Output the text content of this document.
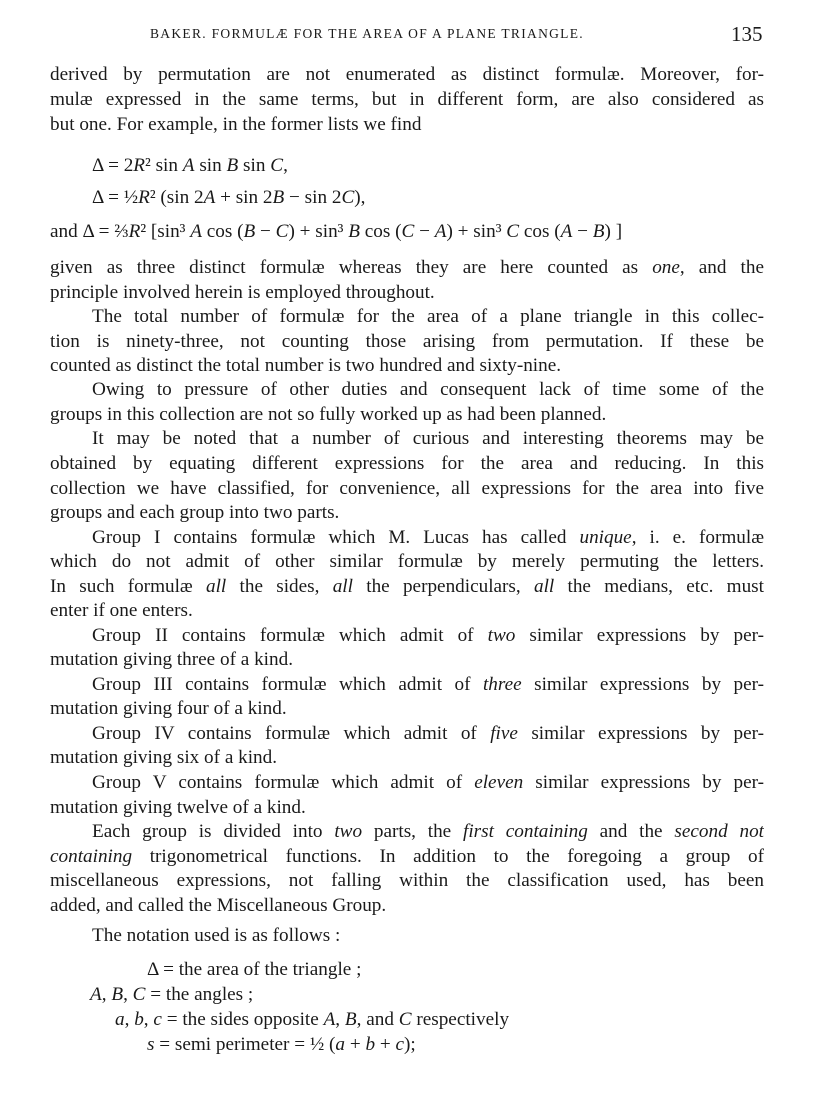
BAKER. FORMULÆ FOR THE AREA OF A PLANE TRIANGLE.	135
derived by permutation are not enumerated as distinct formulæ. Moreover, for-
mulæ expressed in the same terms, but in different form, are also considered as
but one. For example, in the former lists we find
Δ = 2R² sin A sin B sin C,
Δ = ½R² (sin 2A + sin 2B − sin 2C),
and Δ = ⅔R² [sin³ A cos (B − C) + sin³ B cos (C − A) + sin³ C cos (A − B) ]
given as three distinct formulæ whereas they are here counted as one, and the
principle involved herein is employed throughout.
The total number of formulæ for the area of a plane triangle in this collec-
tion is ninety-three, not counting those arising from permutation. If these be
counted as distinct the total number is two hundred and sixty-nine.
Owing to pressure of other duties and consequent lack of time some of the
groups in this collection are not so fully worked up as had been planned.
It may be noted that a number of curious and interesting theorems may be
obtained by equating different expressions for the area and reducing. In this
collection we have classified, for convenience, all expressions for the area into five
groups and each group into two parts.
Group I contains formulæ which M. Lucas has called unique, i. e. formulæ
which do not admit of other similar formulæ by merely permuting the letters.
In such formulæ all the sides, all the perpendiculars, all the medians, etc. must
enter if one enters.
Group II contains formulæ which admit of two similar expressions by per-
mutation giving three of a kind.
Group III contains formulæ which admit of three similar expressions by per-
mutation giving four of a kind.
Group IV contains formulæ which admit of five similar expressions by per-
mutation giving six of a kind.
Group V contains formulæ which admit of eleven similar expressions by per-
mutation giving twelve of a kind.
Each group is divided into two parts, the first containing and the second not
containing trigonometrical functions. In addition to the foregoing a group of
miscellaneous expressions, not falling within the classification used, has been
added, and called the Miscellaneous Group.
The notation used is as follows :
Δ = the area of the triangle ;
A, B, C = the angles ;
a, b, c = the sides opposite A, B, and C respectively
s = semi perimeter = ½ (a + b + c);
